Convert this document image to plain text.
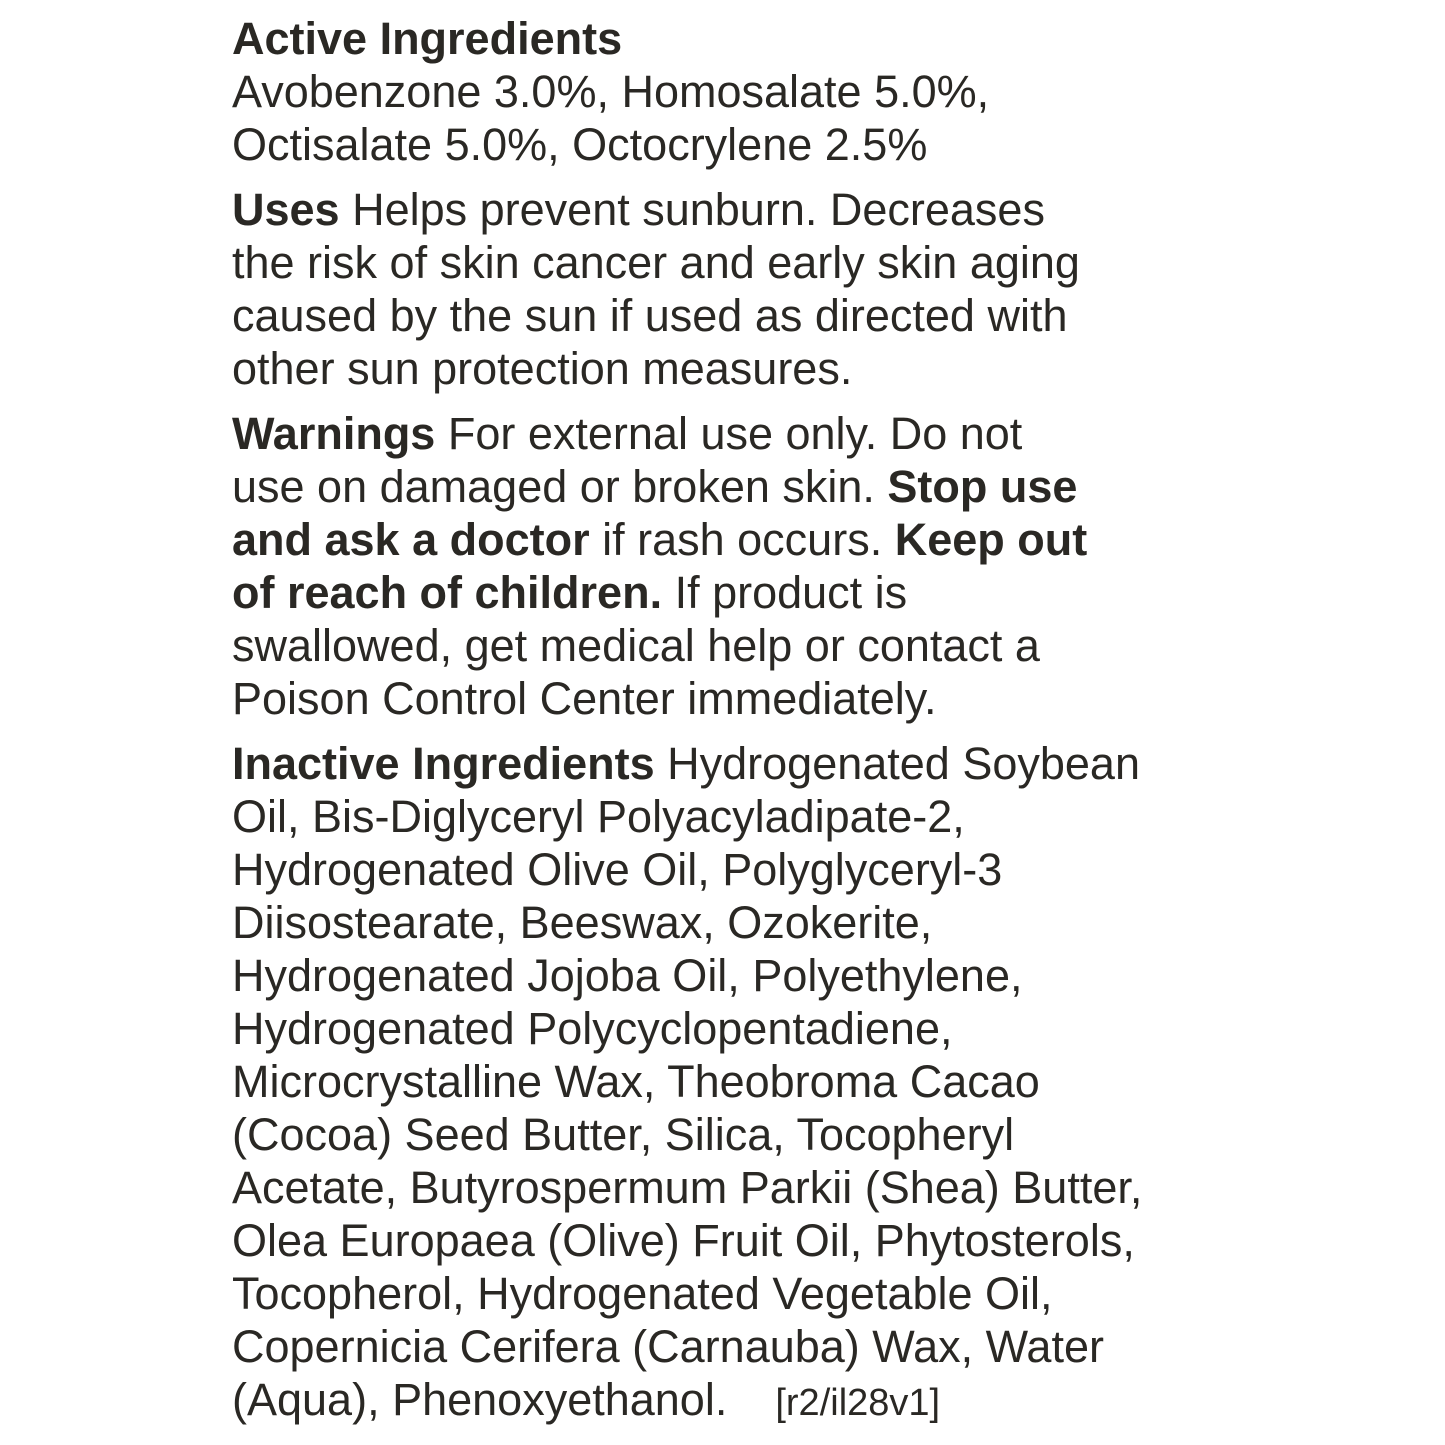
Active Ingredients
Avobenzone 3.0%, Homosalate 5.0%,
Octisalate 5.0%, Octocrylene 2.5%
Uses Helps prevent sunburn. Decreases
the risk of skin cancer and early skin aging
caused by the sun if used as directed with
other sun protection measures.
Warnings For external use only. Do not
use on damaged or broken skin. Stop use
and ask a doctor if rash occurs. Keep out
of reach of children. If product is
swallowed, get medical help or contact a
Poison Control Center immediately.
Inactive Ingredients Hydrogenated Soybean
Oil, Bis-Diglyceryl Polyacyladipate-2,
Hydrogenated Olive Oil, Polyglyceryl-3
Diisostearate, Beeswax, Ozokerite,
Hydrogenated Jojoba Oil, Polyethylene,
Hydrogenated Polycyclopentadiene,
Microcrystalline Wax, Theobroma Cacao
(Cocoa) Seed Butter, Silica, Tocopheryl
Acetate, Butyrospermum Parkii (Shea) Butter,
Olea Europaea (Olive) Fruit Oil, Phytosterols,
Tocopherol, Hydrogenated Vegetable Oil,
Copernicia Cerifera (Carnauba) Wax, Water
(Aqua), Phenoxyethanol. [r2/il28v1]
